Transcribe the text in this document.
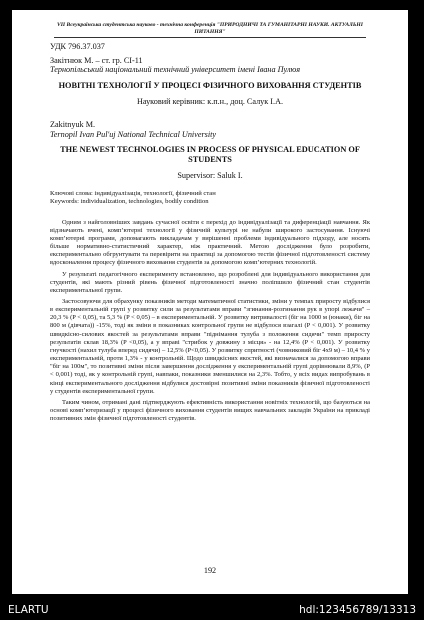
VII Всеукраїнська студентська науково - технічна конференція "ПРИРОДНИЧІ ТА ГУМАНІТАРНІ НАУКИ. АКТУАЛЬНІ ПИТАННЯ"
УДК 796.37.037
Закітнюк М. – ст. гр. СІ-11
Тернопільський національний технічний університет імені Івана Пулюя
НОВІТНІ ТЕХНОЛОГІЇ У ПРОЦЕСІ ФІЗИЧНОГО ВИХОВАННЯ СТУДЕНТІВ
Науковий керівник: к.п.н., доц. Салук І.А.
Zakitnyuk M.
Ternopil Ivan Pul'uj National Technical University
THE NEWEST TECHNOLOGIES IN PROCESS OF PHYSICAL EDUCATION OF STUDENTS
Supervisor: Saluk I.
Ключові слова: індивідуалізація, технології, фізичний стан
Keywords: individualization, technologies, bodily condition

Одним з найголовніших завдань сучасної освіти є перехід до індивідуалізації та диференціації навчання. Як відзначають вчені, комп’ютерні технології у фізичній культурі не набули широкого застосування. Існуючі комп’ютерні програми, допомагають викладачам у вирішенні проблеми індивідуального підходу, але носять більше нормативно-статистичний характер, ніж практичний. Метою дослідження було розробити, експериментально обгрунтувати та перевірити на практиці за допомогою тестів фізичної підготовленості систему вдосконалення процесу фізичного виховання студентів за допомогою комп’ютерних технологій.

У результаті педагогічного експерименту встановлено, що розроблені для індивідуального використання для студентів, які мають різний рівень фізичної підготовленості значно поліпшило фізичний стан студентів експериментальної групи.

Застосовуючи для обрахунку показників методи математичної статистики, зміни у темпах приросту відбулися в експериментальній групі у розвитку сили за результатами вправи "згинання-розгинання рук в упорі лежачи" – 20,3 % (P < 0,05), та 5,3 % (P < 0,05) – в експериментальній. У розвитку витривалості (біг на 1000 м (юнаки), біг на 800 м (дівчата)) -15%, тоді як зміни в показниках контрольної групи не відбулося взагалі (P < 0,001). У розвитку швидкісно-силових якостей за результатами вправи "піднімання тулуба з положення сидячи" темп приросту результатів склав 18,3% (P <0,05), а у вправі "стрибок у довжину з місця» - на 12,4% (P < 0,001). У розвитку гнучкості (нахил тулуба вперед сидячи) – 12,5% (P<0,05). У розвитку спритності (човниковий біг 4х9 м) – 10,4 % у експериментальній, проти 1,3% - у контрольній. Щодо швидкісних якостей, які визначалися за допомогою вправи "біг на 100м", то позитивні зміни після завершення дослідження у експериментальній групі дорівнювали 8,9%, (P < 0,001) тоді, як у контрольній групі, навпаки, показники зменшилися на 2,3%. Тобто, у всіх видах випробувань в кінці експериментального дослідження відбулися достовірні позитивні зміни показників фізичної підготовленості у студентів експериментальної групи.

Таким чином, отримані дані підтверджують ефективність використання новітніх технологій, що базуються на основі комп’ютеризації у процесі фізичного виховання студентів вищих навчальних закладів України на прикладі позитивних змін фізичної підготовленості студентів.

192
ELARTU	hdl:123456789/13313
